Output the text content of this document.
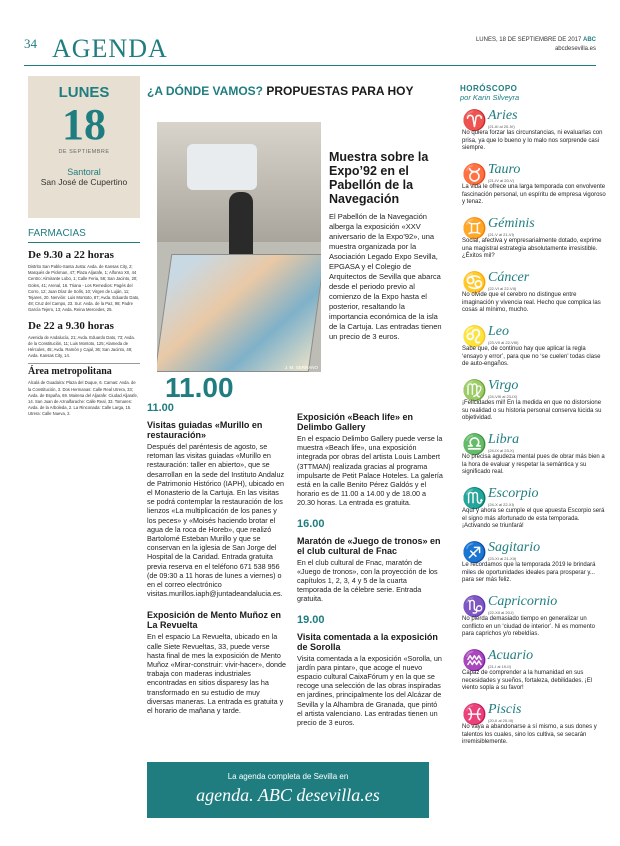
34 AGENDA	LUNES, 18 DE SEPTIEMBRE DE 2017 ABC
abcdesevilla.es
LUNES
18
DE SEPTIEMBRE
Santoral
San José de Cupertino
FARMACIAS
De 9.30 a 22 horas
Distrito San Pablo-Santa Justa: Avda. de Kansas City, 2; Marqués de Pickman, 47; Plaza Aljarafe, 1; Alfonso XII, 44 Centro: Almirante Lobo, 1; Calle Feria, 56; San Jacinto, 20; Goles, 41; Arenal, 16. Triana - Los Remedios: Pagés del Corro, 12; Juan Díaz de Solís, 10; Virgen de Luján, 11; Tejares, 20. Nervión: Luis Montoto, 87; Avda. Eduardo Dato, 48; Cruz del Campo, 23. Sur: Avda. de la Paz, 98; Padre García Tejero, 13; Avda. Reina Mercedes, 25.
De 22 a 9.30 horas
Avenida de Andalucía, 21; Avda. Eduardo Dato, 73; Avda. de la Constitución, 11; Luis Montoto, 125; Alameda de Hércules, 45; Avda. Ramón y Cajal, 36; San Jacinto, 48; Avda. Kansas City, 14.
Área metropolitana
Alcalá de Guadaíra: Plaza del Duque, 6. Camas: Avda. de la Constitución, 3. Dos Hermanas: Calle Real Utrera, 33; Avda. de España, 69. Mairena del Aljarafe: Ciudad Aljarafe, 14. San Juan de Aznalfarache: Calle Real, 33. Tomares: Avda. de la Arboleda, 2. La Rinconada: Calle Larga, 15. Utrera: Calle Nueva, 2.
¿A DÓNDE VAMOS? PROPUESTAS PARA HOY
J. M. SERRANO
11.00
Muestra sobre la Expo’92 en el Pabellón de la Navegación

El Pabellón de la Navegación alberga la exposición «XXV aniversario de la Expo’92», una muestra organizada por la Asociación Legado Expo Sevilla, EPGASA y el Colegio de Arquitectos de Sevilla que abarca desde el periodo previo al comienzo de la Expo hasta el posterior, resaltando la importancia económica de la isla de la Cartuja. Las entradas tienen un precio de 3 euros.

11.00
Visitas guiadas «Murillo en restauración»

Después del paréntesis de agosto, se retoman las visitas guiadas «Murillo en restauración: taller en abierto», que se desarrollan en la sede del Instituto Andaluz de Patrimonio Histórico (IAPH), ubicado en el Monasterio de la Cartuja. En las visitas se podrá contemplar la restauración de los lienzos «La multiplicación de los panes y los peces» y «Moisés haciendo brotar el agua de la roca de Horeb», que realizó Bartolomé Esteban Murillo y que se conservan en la iglesia de San Jorge del Hospital de la Caridad. Entrada gratuita previa reserva en el teléfono 671 538 956 (de 09:30 a 11 horas de lunes a viernes) o en el correo electrónico visitas.murillos.iaph@juntadeandalucia.es.

Exposición de Mento Muñoz en La Revuelta

En el espacio La Revuelta, ubicado en la calle Siete Revueltas, 33, puede verse hasta final de mes la exposición de Mento Muñoz «Mirar-construir: vivir-hacer», donde trabaja con maderas industriales encontradas en sitios disparesy las ha transformado en su estudio de muy diversas maneras. La entrada es gratuita y el horario de mañana y tarde.

Exposición «Beach life» en Delimbo Gallery

En el espacio Delimbo Gallery puede verse la muestra «Beach life», una exposición integrada por obras del artista Louis Lambert (3TTMAN) realizada gracias al programa impulsarte de Petit Palace Hoteles. La galería está en la calle Benito Pérez Galdós y el horario es de 11.00 a 14.00 y de 18.00 a 20.30 horas. La entrada es gratuita.

16.00
Maratón de «Juego de tronos» en el club cultural de Fnac

En el club cultural de Fnac, maratón de «Juego de tronos», con la proyección de los capítulos 1, 2, 3, 4 y 5 de la cuarta temporada de la célebre serie. Entrada gratuita.

19.00
Visita comentada a la exposición de Sorolla

Visita comentada a la exposición «Sorolla, un jardín para pintar», que acoge el nuevo espacio cultural CaixaFórum y en la que se recoge una selección de las obras inspiradas en jardines, principalmente los del Alcázar de Sevilla y la Alhambra de Granada, que pintó el artista valenciano. Las entradas tienen un precio de 3 euros.

La agenda completa de Sevilla en
agenda. ABC desevilla.es
HORÓSCOPO
por Karin Silveyra
♈ Aries
(21-III al 20-IV)
No quiera forzar las circunstancias, ni evaluarlas con prisa, ya que lo bueno y lo malo nos sorprende casi siempre.
♉ Tauro
(21-IV al 20-V)
La vida le ofrece una larga temporada con envolvente fascinación personal, un espíritu de empresa vigoroso y tenaz.
♊ Géminis
(21-V al 21-VI)
Social, afectiva y empresarialmente dotado, exprime una magistral estrategia absolutamente irresistible. ¿Éxitos mil?
♋ Cáncer
(22-VI al 22-VII)
No olvide que el cerebro no distingue entre imaginación y vivencia real. Hecho que complica las cosas al mínimo, mucho.
♌ Leo
(23-VII al 22-VIII)
Sabe que, de continuo hay que aplicar la regla ‘ensayo y error’, para que no ‘se cuelen’ todas clase de auto-engaños.
♍ Virgo
(24-VIII al 23-IX)
¡Felicidades mil! En la medida en que no distorsione su realidad o su historia personal conserva lúcida su objetividad.
♎ Libra
(24-IX al 23-X)
No precisa agudeza mental pues de obrar más bien a la hora de evaluar y respetar la semántica y su significado real.
♏ Escorpio
(24-X al 22-XI)
Aquí y ahora se cumple el que apuesta Escorpio será el signo más afortunado de esta temporada. ¡Activando se triunfará!
♐ Sagitario
(23-XI al 21-XII)
Le recordamos que la temporada 2019 le brindará miles de oportunidades ideales para prosperar y... para ser más feliz.
♑ Capricornio
(22-XII al 20-I)
No pierda demasiado tiempo en generalizar un conflicto en un ‘ciudad de interior’. Ni es momento para caprichos y/o rebeldías.
♒ Acuario
(21-I al 19-II)
Capaz de comprender a la humanidad en sus necesidades y sueños, fortaleza, debilidades. ¡El viento sopla a su favor!
♓ Piscis
(20-II al 20-III)
No vaya a abandonarse a sí mismo, a sus dones y talentos los cuales, sino los cultiva, se secarán irremisiblemente.
